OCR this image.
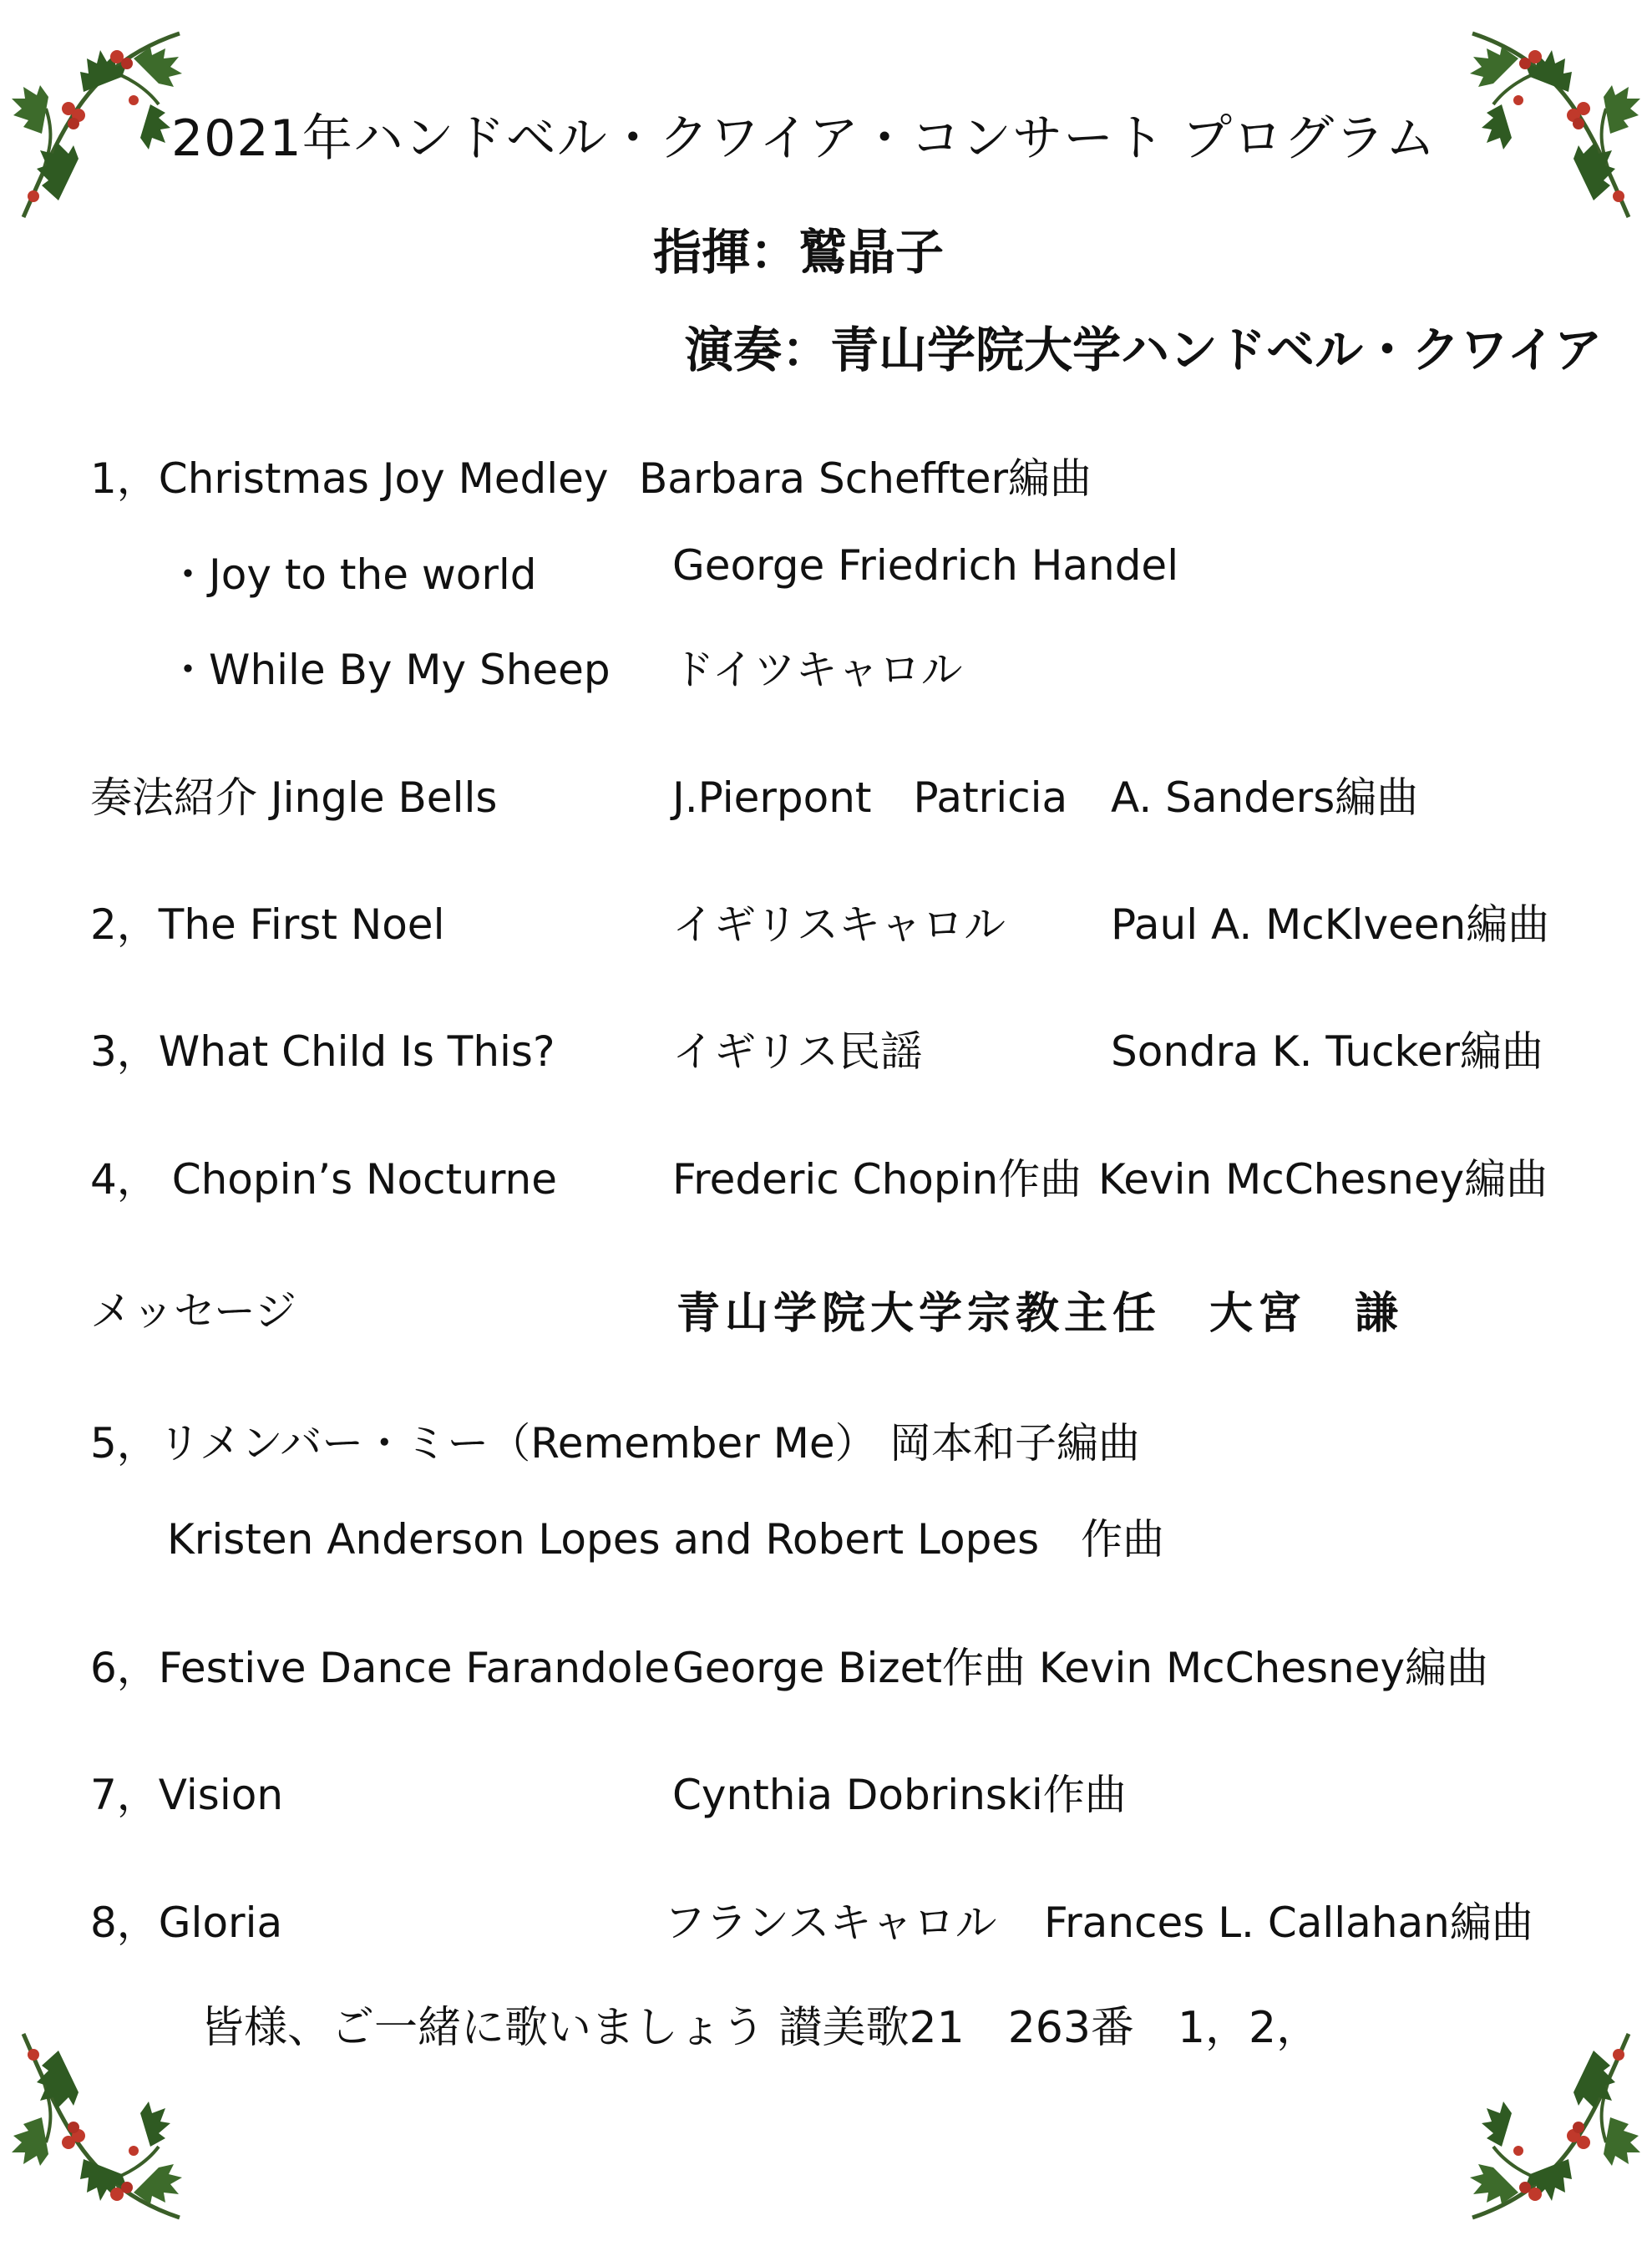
2021年ハンドベル・クワイア・コンサート プログラム
指揮：鷲晶子
演奏：青山学院大学ハンドベル・クワイア
1，Christmas Joy Medley Barbara Scheffter編曲
・Joy to the world	George Friedrich Handel
・While By My Sheep ドイツキャロル
奏法紹介 Jingle Bells	J.Pierpont　Patricia A. Sanders編曲
2，The First Noel	イギリスキャロル	Paul A. McKlveen編曲
3，What Child Is This?	イギリス民謡	Sondra K. Tucker編曲
4， Chopin’s Nocturne	Frederic Chopin作曲 Kevin McChesney編曲
メッセージ	青山学院大学宗教主任　大宮　謙
5，リメンバー・ミー（Remember Me） 岡本和子編曲
Kristen Anderson Lopes and Robert Lopes　作曲
6，Festive Dance Farandole George Bizet作曲 Kevin McChesney編曲
7，Vision	Cynthia Dobrinski作曲
8，Gloria	フランスキャロル Frances L. Callahan編曲
皆様、ご一緒に歌いましょう 讃美歌21　263番　1，2，
